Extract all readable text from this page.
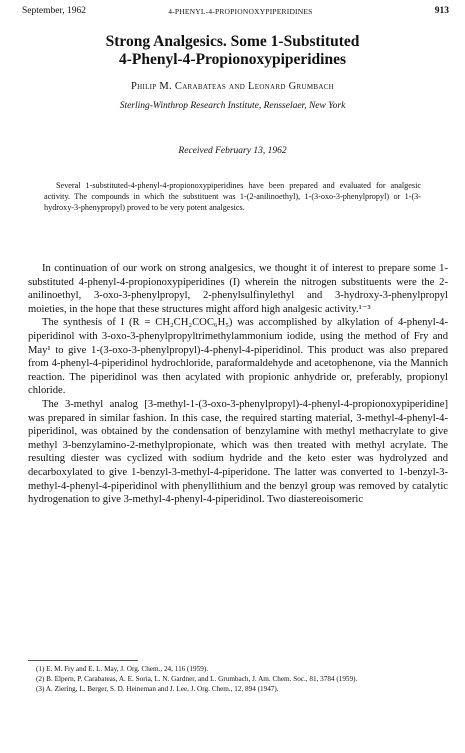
September, 1962	4-PHENYL-4-PROPIONOXYPIPERIDINES	913
Strong Analgesics. Some 1-Substituted
4-Phenyl-4-Propionoxypiperidines
Philip M. Carabateas and Leonard Grumbach
Sterling-Winthrop Research Institute, Rensselaer, New York
Received February 13, 1962
Several 1-substituted-4-phenyl-4-propionoxypiperidines have been prepared and evaluated for analgesic activity. The compounds in which the substituent was 1-(2-anilinoethyl), 1-(3-oxo-3-phenylpropyl) or 1-(3-hydroxy-3-phenypropyl) proved to be very potent analgesics.

In continuation of our work on strong analgesics, we thought it of interest to prepare some 1-substituted 4-phenyl-4-propionoxypiperidines (I) wherein the nitrogen substituents were the 2-anilinoethyl, 3-oxo-3-phenylpropyl, 2-phenylsulfinylethyl and 3-hydroxy-3-phenylpropyl moieties, in the hope that these structures might afford high analgesic activity.¹⁻³

The synthesis of I (R = CH₂CH₂COC₆H₅) was accomplished by alkylation of 4-phenyl-4-piperidinol with 3-oxo-3-phenylpropyltrimethylammonium iodide, using the method of Fry and May¹ to give 1-(3-oxo-3-phenylpropyl)-4-phenyl-4-piperidinol. This product was also prepared from 4-phenyl-4-piperidinol hydrochloride, paraformaldehyde and acetophenone, via the Mannich reaction. The piperidinol was then acylated with propionic anhydride or, preferably, propionyl chloride.

The 3-methyl analog [3-methyl-1-(3-oxo-3-phenylpropyl)-4-phenyl-4-propionoxypiperidine] was prepared in similar fashion. In this case, the required starting material, 3-methyl-4-phenyl-4-piperidinol, was obtained by the condensation of benzylamine with methyl methacrylate to give methyl 3-benzylamino-2-methylpropionate, which was then treated with methyl acrylate. The resulting diester was cyclized with sodium hydride and the keto ester was hydrolyzed and decarboxylated to give 1-benzyl-3-methyl-4-piperidone. The latter was converted to 1-benzyl-3-methyl-4-phenyl-4-piperidinol with phenyllithium and the benzyl group was removed by catalytic hydrogenation to give 3-methyl-4-phenyl-4-piperidinol. Two diastereoisomeric

(1) E. M. Fry and E. L. May, J. Org. Chem., 24, 116 (1959).

(2) B. Elpern, P. Carabateas, A. E. Soria, L. N. Gardner, and L. Grumbach, J. Am. Chem. Soc., 81, 3784 (1959).

(3) A. Ziering, L. Berger, S. D. Heineman and J. Lee, J. Org. Chem., 12, 894 (1947).
